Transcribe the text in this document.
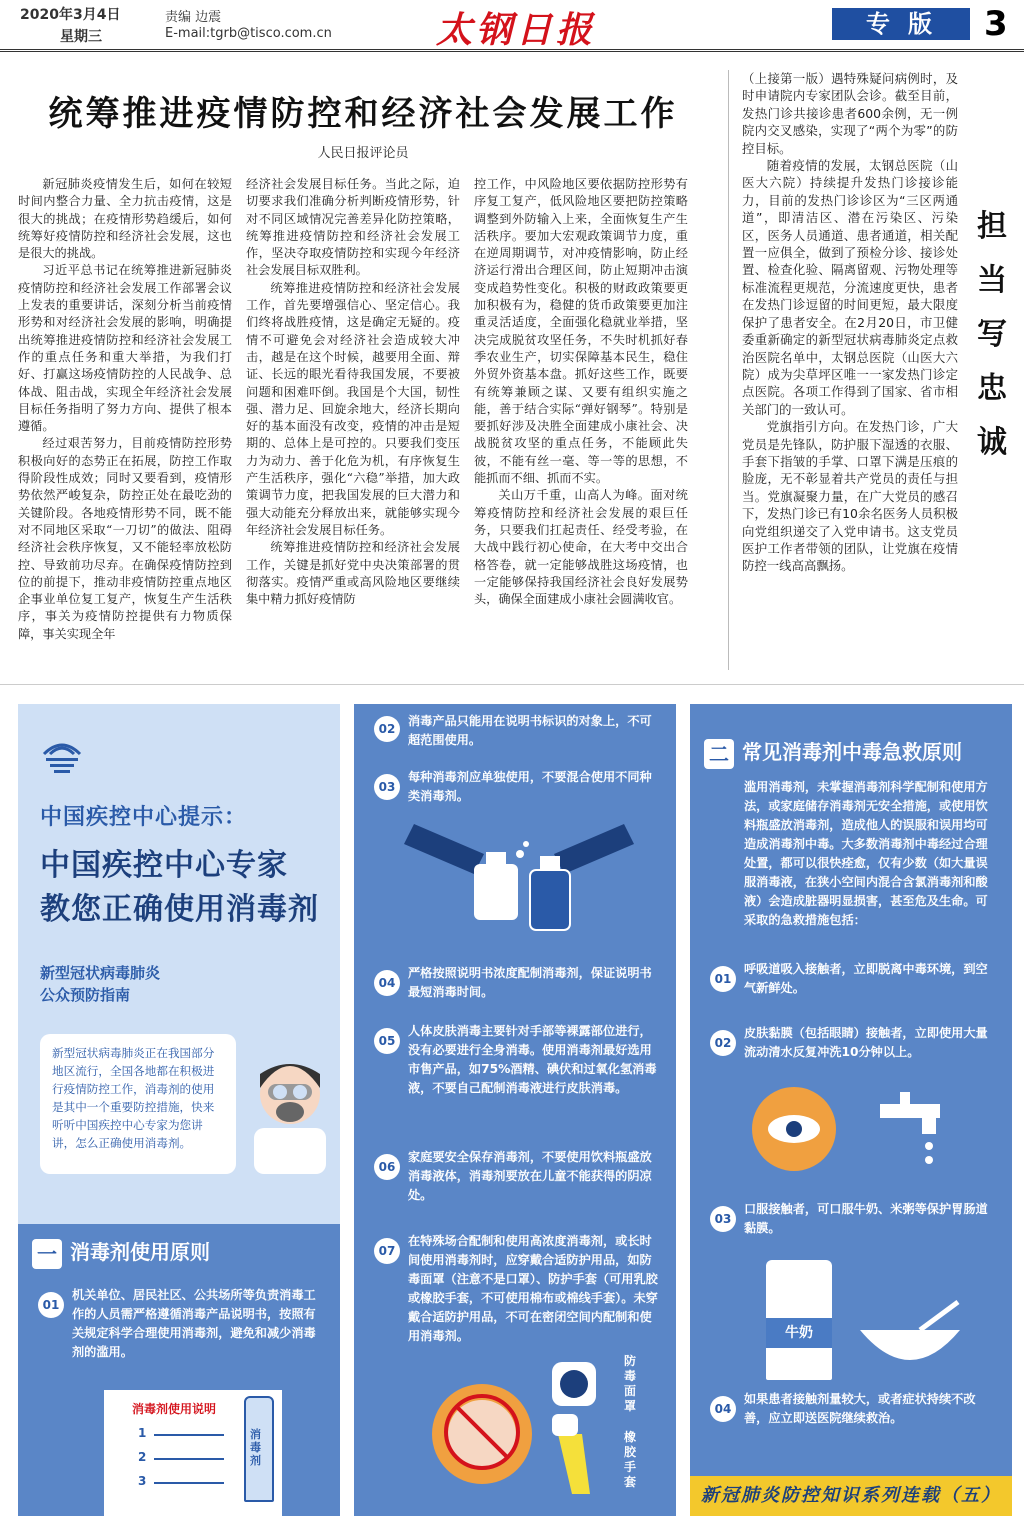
2020年3月4日
星期三
责编 边震
E-mail:tgrb@tisco.com.cn	太钢日报	专版	3
统筹推进疫情防控和经济社会发展工作
人民日报评论员

新冠肺炎疫情发生后，如何在较短时间内整合力量、全力抗击疫情，这是很大的挑战；在疫情形势趋缓后，如何统筹好疫情防控和经济社会发展，这也是很大的挑战。

习近平总书记在统筹推进新冠肺炎疫情防控和经济社会发展工作部署会议上发表的重要讲话，深刻分析当前疫情形势和对经济社会发展的影响，明确提出统筹推进疫情防控和经济社会发展工作的重点任务和重大举措，为我们打好、打赢这场疫情防控的人民战争、总体战、阻击战，实现全年经济社会发展目标任务指明了努力方向、提供了根本遵循。

经过艰苦努力，目前疫情防控形势积极向好的态势正在拓展，防控工作取得阶段性成效；同时又要看到，疫情形势依然严峻复杂，防控正处在最吃劲的关键阶段。各地疫情形势不同，既不能对不同地区采取“一刀切”的做法、阻碍经济社会秩序恢复，又不能轻率放松防控、导致前功尽弃。在确保疫情防控到位的前提下，推动非疫情防控重点地区企事业单位复工复产，恢复生产生活秩序，事关为疫情防控提供有力物质保障，事关实现全年

经济社会发展目标任务。当此之际，迫切要求我们准确分析判断疫情形势，针对不同区域情况完善差异化防控策略，统筹推进疫情防控和经济社会发展工作，坚决夺取疫情防控和实现今年经济社会发展目标双胜利。

统筹推进疫情防控和经济社会发展工作，首先要增强信心、坚定信心。我们终将战胜疫情，这是确定无疑的。疫情不可避免会对经济社会造成较大冲击，越是在这个时候，越要用全面、辩证、长远的眼光看待我国发展，不要被问题和困难吓倒。我国是个大国，韧性强、潜力足、回旋余地大，经济长期向好的基本面没有改变，疫情的冲击是短期的、总体上是可控的。只要我们变压力为动力、善于化危为机，有序恢复生产生活秩序，强化“六稳”举措，加大政策调节力度，把我国发展的巨大潜力和强大动能充分释放出来，就能够实现今年经济社会发展目标任务。

统筹推进疫情防控和经济社会发展工作，关键是抓好党中央决策部署的贯彻落实。疫情严重或高风险地区要继续集中精力抓好疫情防

控工作，中风险地区要依据防控形势有序复工复产，低风险地区要把防控策略调整到外防输入上来，全面恢复生产生活秩序。要加大宏观政策调节力度，重在逆周期调节，对冲疫情影响，防止经济运行滑出合理区间，防止短期冲击演变成趋势性变化。积极的财政政策要更加积极有为，稳健的货币政策要更加注重灵活适度，全面强化稳就业举措，坚决完成脱贫攻坚任务，不失时机抓好春季农业生产，切实保障基本民生，稳住外贸外资基本盘。抓好这些工作，既要有统筹兼顾之谋、又要有组织实施之能，善于结合实际“弹好钢琴”。特别是要抓好涉及决胜全面建成小康社会、决战脱贫攻坚的重点任务，不能顾此失彼，不能有丝一毫、等一等的思想，不能抓而不细、抓而不实。

关山万千重，山高人为峰。面对统筹疫情防控和经济社会发展的艰巨任务，只要我们扛起责任、经受考验，在大战中践行初心使命，在大考中交出合格答卷，就一定能够战胜这场疫情，也一定能够保持我国经济社会良好发展势头，确保全面建成小康社会圆满收官。

（上接第一版）遇特殊疑问病例时，及时申请院内专家团队会诊。截至目前，发热门诊共接诊患者600余例，无一例院内交叉感染，实现了“两个为零”的防控目标。

随着疫情的发展，太钢总医院（山医大六院）持续提升发热门诊接诊能力，目前的发热门诊诊区为“三区两通道”，即清洁区、潜在污染区、污染区，医务人员通道、患者通道，相关配置一应俱全，做到了预检分诊、接诊处置、检查化验、隔离留观、污物处理等标准流程更规范，分流速度更快，患者在发热门诊逗留的时间更短，最大限度保护了患者安全。在2月20日，市卫健委重新确定的新型冠状病毒肺炎定点救治医院名单中，太钢总医院（山医大六院）成为尖草坪区唯一一家发热门诊定点医院。各项工作得到了国家、省市相关部门的一致认可。

党旗指引方向。在发热门诊，广大党员是先锋队，防护服下湿透的衣服、手套下指皱的手掌、口罩下满是压痕的脸庞，无不彰显着共产党员的责任与担当。党旗凝聚力量，在广大党员的感召下，发热门诊已有10余名医务人员积极向党组织递交了入党申请书。这支党员医护工作者带领的团队，让党旗在疫情防控一线高高飘扬。

担
当
写
忠
诚
中国疾控中心提示：
中国疾控中心专家
教您正确使用消毒剂
新型冠状病毒肺炎
公众预防指南
新型冠状病毒肺炎正在我国部分地区流行，全国各地都在积极进行疫情防控工作，消毒剂的使用是其中一个重要防控措施，快来听听中国疾控中心专家为您讲讲，怎么正确使用消毒剂。
一 消毒剂使用原则
01
机关单位、居民社区、公共场所等负责消毒工作的人员需严格遵循消毒产品说明书，按照有关规定科学合理使用消毒剂，避免和减少消毒剂的滥用。
消毒剂使用说明
1
2
3
消毒剂
02
消毒产品只能用在说明书标识的对象上，不可超范围使用。
03
每种消毒剂应单独使用，不要混合使用不同种类消毒剂。
04
严格按照说明书浓度配制消毒剂，保证说明书最短消毒时间。
05
人体皮肤消毒主要针对手部等裸露部位进行，没有必要进行全身消毒。使用消毒剂最好选用市售产品，如75%酒精、碘伏和过氧化氢消毒液，不要自己配制消毒液进行皮肤消毒。
06
家庭要安全保存消毒剂，不要使用饮料瓶盛放消毒液体，消毒剂要放在儿童不能获得的阴凉处。
07
在特殊场合配制和使用高浓度消毒剂，或长时间使用消毒剂时，应穿戴合适防护用品，如防毒面罩（注意不是口罩）、防护手套（可用乳胶或橡胶手套，不可使用棉布或棉线手套）。未穿戴合适防护用品，不可在密闭空间内配制和使用消毒剂。
防毒面罩
橡胶手套
二 常见消毒剂中毒急救原则
滥用消毒剂，未掌握消毒剂科学配制和使用方法，或家庭储存消毒剂无安全措施，或使用饮料瓶盛放消毒剂，造成他人的误服和误用均可造成消毒剂中毒。大多数消毒剂中毒经过合理处置，都可以很快痊愈，仅有少数（如大量误服消毒液，在狭小空间内混合含氯消毒剂和酸液）会造成脏器明显损害，甚至危及生命。可采取的急救措施包括：
01
呼吸道吸入接触者，立即脱离中毒环境，到空气新鲜处。
02
皮肤黏膜（包括眼睛）接触者，立即使用大量流动清水反复冲洗10分钟以上。
03
口服接触者，可口服牛奶、米粥等保护胃肠道黏膜。
牛奶
04
如果患者接触剂量较大，或者症状持续不改善，应立即送医院继续救治。
新冠肺炎防控知识系列连载（五）
